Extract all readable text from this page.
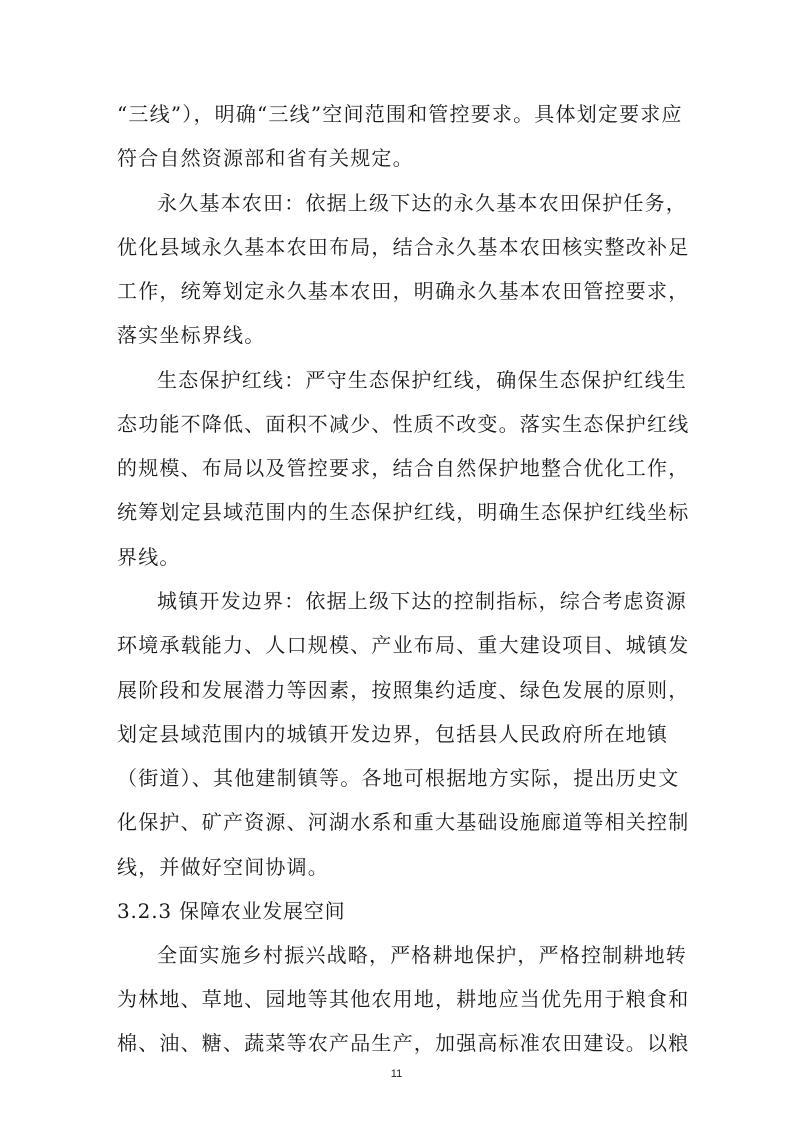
“三线”），明确“三线”空间范围和管控要求。具体划定要求应
符合自然资源部和省有关规定。
永久基本农田：依据上级下达的永久基本农田保护任务，
优化县域永久基本农田布局，结合永久基本农田核实整改补足
工作，统筹划定永久基本农田，明确永久基本农田管控要求，
落实坐标界线。
生态保护红线：严守生态保护红线，确保生态保护红线生
态功能不降低、面积不减少、性质不改变。落实生态保护红线
的规模、布局以及管控要求，结合自然保护地整合优化工作，
统筹划定县域范围内的生态保护红线，明确生态保护红线坐标
界线。
城镇开发边界：依据上级下达的控制指标，综合考虑资源
环境承载能力、人口规模、产业布局、重大建设项目、城镇发
展阶段和发展潜力等因素，按照集约适度、绿色发展的原则，
划定县域范围内的城镇开发边界，包括县人民政府所在地镇
（街道）、其他建制镇等。各地可根据地方实际，提出历史文
化保护、矿产资源、河湖水系和重大基础设施廊道等相关控制
线，并做好空间协调。
3.2.3 保障农业发展空间
全面实施乡村振兴战略，严格耕地保护，严格控制耕地转
为林地、草地、园地等其他农用地，耕地应当优先用于粮食和
棉、油、糖、蔬菜等农产品生产，加强高标准农田建设。以粮
11
